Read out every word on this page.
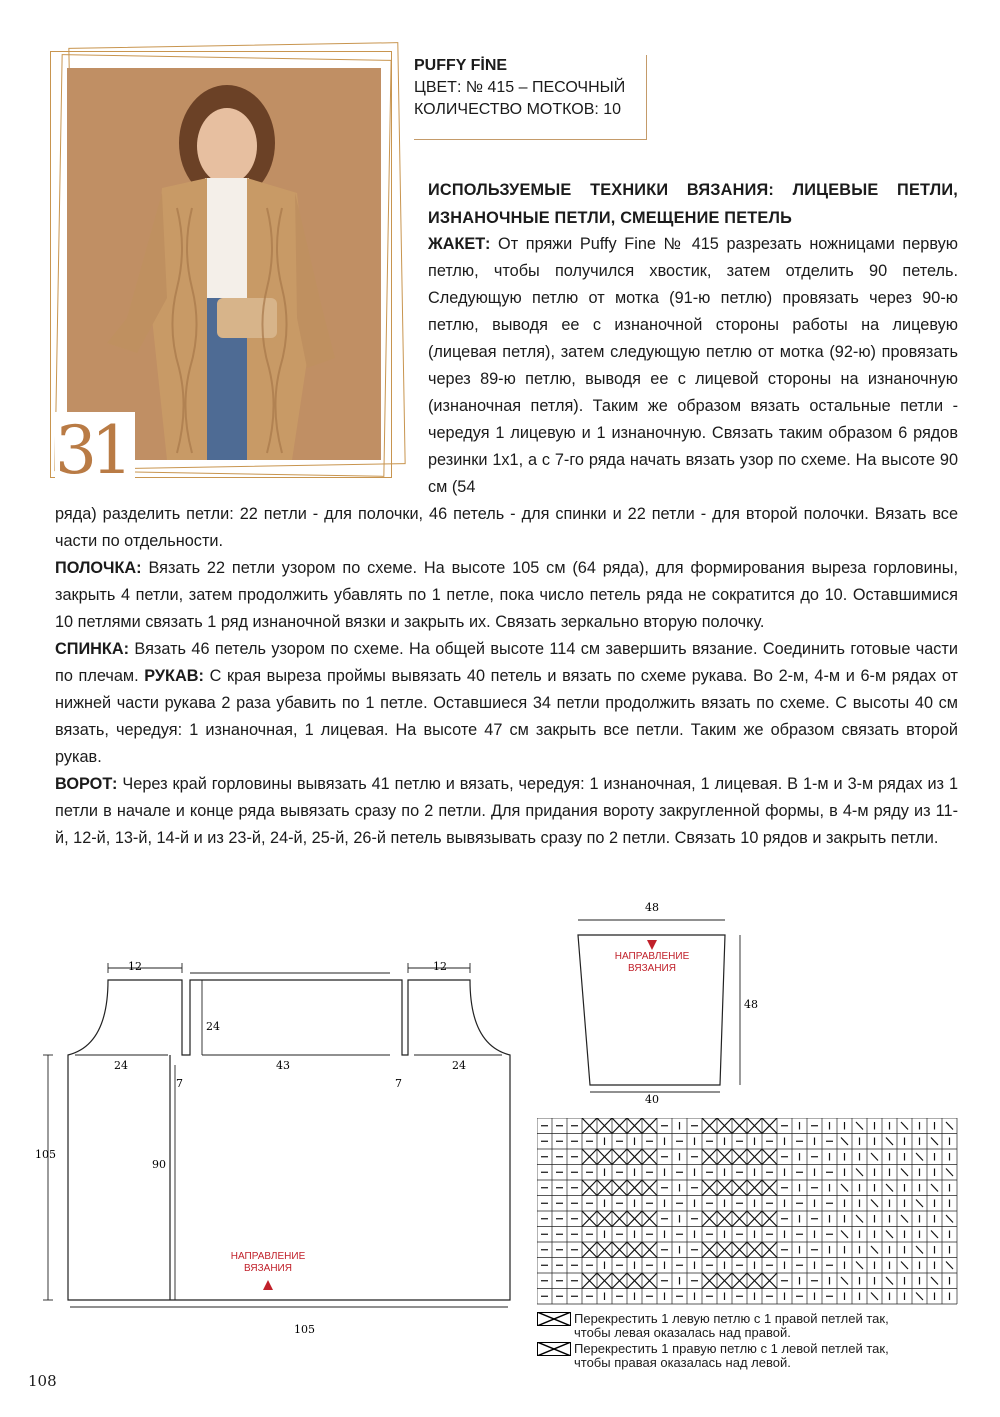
31
PUFFY FİNE
ЦВЕТ: № 415 – ПЕСОЧНЫЙ
КОЛИЧЕСТВО МОТКОВ: 10
ИСПОЛЬЗУЕМЫЕ ТЕХНИКИ ВЯЗАНИЯ: ЛИЦЕВЫЕ ПЕТЛИ, ИЗНАНОЧНЫЕ ПЕТЛИ, СМЕЩЕНИЕ ПЕТЕЛЬ
ЖАКЕТ: От пряжи Puffy Fine № 415 разрезать ножницами первую петлю, чтобы получился хвостик, затем отделить 90 петель. Следующую петлю от мотка (91-ю петлю) провязать через 90-ю петлю, выводя ее с изнаночной стороны работы на лицевую (лицевая петля), затем следующую петлю от мотка (92-ю) провязать через 89-ю петлю, выводя ее с лицевой стороны на изнаночную (изнаночная петля). Таким же образом вязать остальные петли - чередуя 1 лицевую и 1 изнаночную. Связать таким образом 6 рядов резинки 1х1, а с 7-го ряда начать вязать узор по схеме. На высоте 90 см (54
ряда) разделить петли: 22 петли - для полочки, 46 петель - для спинки и 22 петли - для второй полочки. Вязать все части по отдельности.
ПОЛОЧКА: Вязать 22 петли узором по схеме. На высоте 105 см (64 ряда), для формирования выреза горловины, закрыть 4 петли, затем продолжить убавлять по 1 петле, пока число петель ряда не сократится до 10. Оставшимися 10 петлями связать 1 ряд изнаночной вязки и закрыть их. Связать зеркально вторую полочку.
СПИНКА: Вязать 46 петель узором по схеме. На общей высоте 114 см завершить вязание. Соединить готовые части по плечам. РУКАВ: С края выреза проймы вывязать 40 петель и вязать по схеме рукава. Во 2-м, 4-м и 6-м рядах от нижней части рукава 2 раза убавить по 1 петле. Оставшиеся 34 петли продолжить вязать по схеме. С высоты 40 см вязать, чередуя: 1 изнаночная, 1 лицевая. На высоте 47 см закрыть все петли. Таким же образом связать второй рукав.
ВОРОТ: Через край горловины вывязать 41 петлю и вязать, чередуя: 1 изнаночная, 1 лицевая. В 1-м и 3-м рядах из 1 петли в начале и конце ряда вывязать сразу по 2 петли. Для придания вороту закругленной формы, в 4-м ряду из 11-й, 12-й, 13-й, 14-й и из 23-й, 24-й, 25-й, 26-й петель вывязывать сразу по 2 петли. Связать 10 рядов и закрыть петли.
12	12
24
24	43	24
7	7
105
90
105
НАПРАВЛЕНИЕ
ВЯЗАНИЯ
48
48
40
НАПРАВЛЕНИЕ
ВЯЗАНИЯ
Перекрестить 1 левую петлю с 1 правой петлей так,
чтобы левая оказалась над правой.
Перекрестить 1 правую петлю с 1 левой петлей так,
чтобы правая оказалась над левой.
108
